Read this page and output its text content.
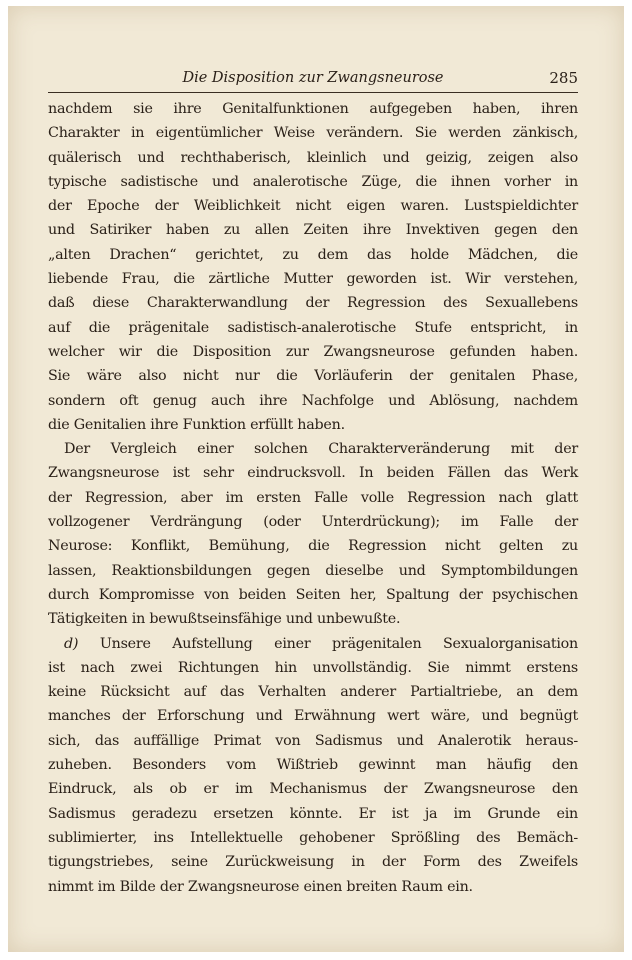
Die Disposition zur Zwangsneurose	285
nachdem sie ihre Genitalfunktionen aufgegeben haben, ihren
Charakter in eigentümlicher Weise verändern. Sie werden zänkisch,
quälerisch und rechthaberisch, kleinlich und geizig, zeigen also
typische sadistische und analerotische Züge, die ihnen vorher in
der Epoche der Weiblichkeit nicht eigen waren. Lustspieldichter
und Satiriker haben zu allen Zeiten ihre Invektiven gegen den
„alten Drachen“ gerichtet, zu dem das holde Mädchen, die
liebende Frau, die zärtliche Mutter geworden ist. Wir verstehen,
daß diese Charakterwandlung der Regression des Sexuallebens
auf die prägenitale sadistisch-analerotische Stufe entspricht, in
welcher wir die Disposition zur Zwangsneurose gefunden haben.
Sie wäre also nicht nur die Vorläuferin der genitalen Phase,
sondern oft genug auch ihre Nachfolge und Ablösung, nachdem
die Genitalien ihre Funktion erfüllt haben.
Der Vergleich einer solchen Charakterveränderung mit der
Zwangsneurose ist sehr eindrucksvoll. In beiden Fällen das Werk
der Regression, aber im ersten Falle volle Regression nach glatt
vollzogener Verdrängung (oder Unterdrückung); im Falle der
Neurose: Konflikt, Bemühung, die Regression nicht gelten zu
lassen, Reaktionsbildungen gegen dieselbe und Symptombildungen
durch Kompromisse von beiden Seiten her, Spaltung der psychischen
Tätigkeiten in bewußtseinsfähige und unbewußte.
d) Unsere Aufstellung einer prägenitalen Sexualorganisation
ist nach zwei Richtungen hin unvollständig. Sie nimmt erstens
keine Rücksicht auf das Verhalten anderer Partialtriebe, an dem
manches der Erforschung und Erwähnung wert wäre, und begnügt
sich, das auffällige Primat von Sadismus und Analerotik heraus-
zuheben. Besonders vom Wißtrieb gewinnt man häufig den
Eindruck, als ob er im Mechanismus der Zwangsneurose den
Sadismus geradezu ersetzen könnte. Er ist ja im Grunde ein
sublimierter, ins Intellektuelle gehobener Sprößling des Bemäch-
tigungstriebes, seine Zurückweisung in der Form des Zweifels
nimmt im Bilde der Zwangsneurose einen breiten Raum ein.
